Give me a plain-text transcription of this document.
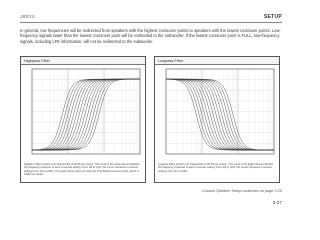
JBR15	SETUP
In general, low frequencies will be redirected from speakers with the highest crossover points to speakers with the lowest crossover points. Low-frequency signals lower than the lowest crossover point will be redirected to the subwoofer. If the lowest crossover point is FULL, low-frequency signals, including LFE information, will not be redirected to the subwoofer.
Highpass Filter
Highpass filters extend over frequencies of 20-80 per octave. This curve is the graph above indicates the frequency response of each crossover setting. From left to right, the curves represent crossover settings from 20 to 120Hz. The graph above does not show the THX EHHz crossover point, which is 120Hz as shown.
Lowpass Filter
Lowpass filters extend over frequencies of 20-80 per octave. This curve in the graph above indicates the frequency response of each crossover setting. From left to right, the curves represent crossover settings from 20 to 120Hz.
Custom Speaker Setup continues on page 3-28
3-27
